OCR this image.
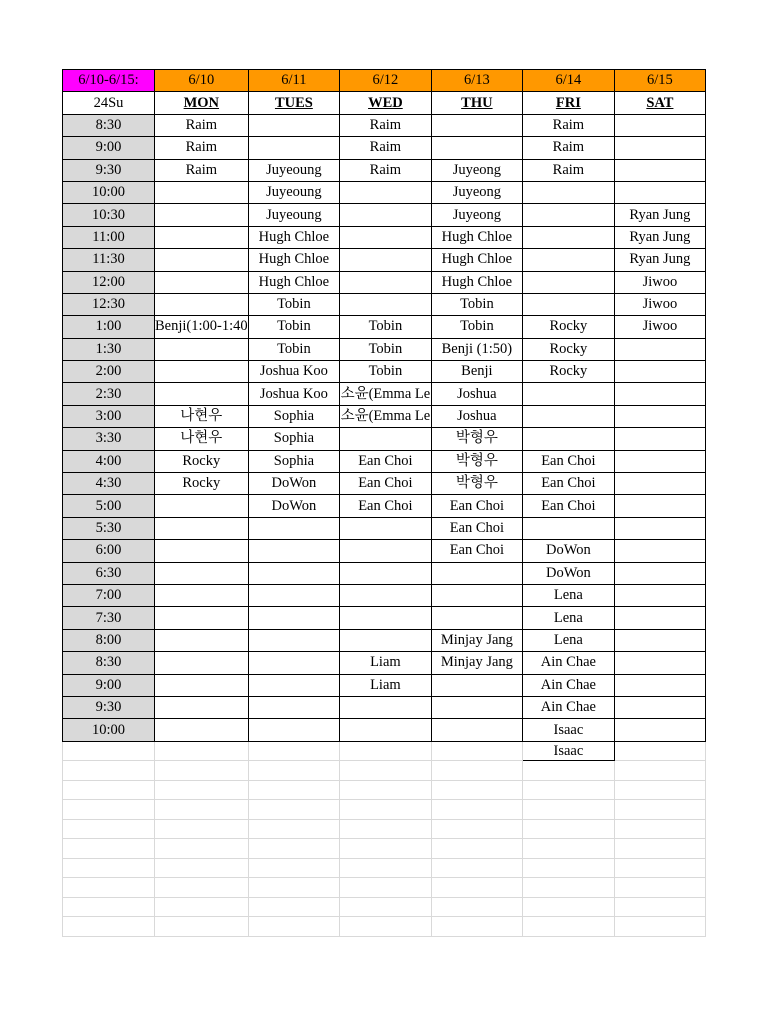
6/10-6/15:	6/10	6/11	6/12	6/13	6/14	6/15
24Su	MON	TUES	WED	THU	FRI	SAT
8:30	Raim		Raim		Raim	
9:00	Raim		Raim		Raim	
9:30	Raim	Juyeoung	Raim	Juyeong	Raim	
10:00		Juyeoung		Juyeong		
10:30		Juyeoung		Juyeong		Ryan Jung
11:00		Hugh Chloe		Hugh Chloe		Ryan Jung
11:30		Hugh Chloe		Hugh Chloe		Ryan Jung
12:00		Hugh Chloe		Hugh Chloe		Jiwoo
12:30		Tobin		Tobin		Jiwoo
1:00	Benji(1:00-1:40	Tobin	Tobin	Tobin	Rocky	Jiwoo
1:30		Tobin	Tobin	Benji (1:50)	Rocky	
2:00		Joshua Koo	Tobin	Benji	Rocky	
2:30		Joshua Koo	소윤(Emma Le	Joshua		
3:00	나현우	Sophia	소윤(Emma Le	Joshua		
3:30	나현우	Sophia		박형우		
4:00	Rocky	Sophia	Ean Choi	박형우	Ean Choi	
4:30	Rocky	DoWon	Ean Choi	박형우	Ean Choi	
5:00		DoWon	Ean Choi	Ean Choi	Ean Choi	
5:30				Ean Choi		
6:00				Ean Choi	DoWon	
6:30					DoWon	
7:00					Lena	
7:30					Lena	
8:00				Minjay Jang	Lena	
8:30			Liam	Minjay Jang	Ain Chae	
9:00			Liam		Ain Chae	
9:30					Ain Chae	
10:00					Isaac	
					Isaac	
